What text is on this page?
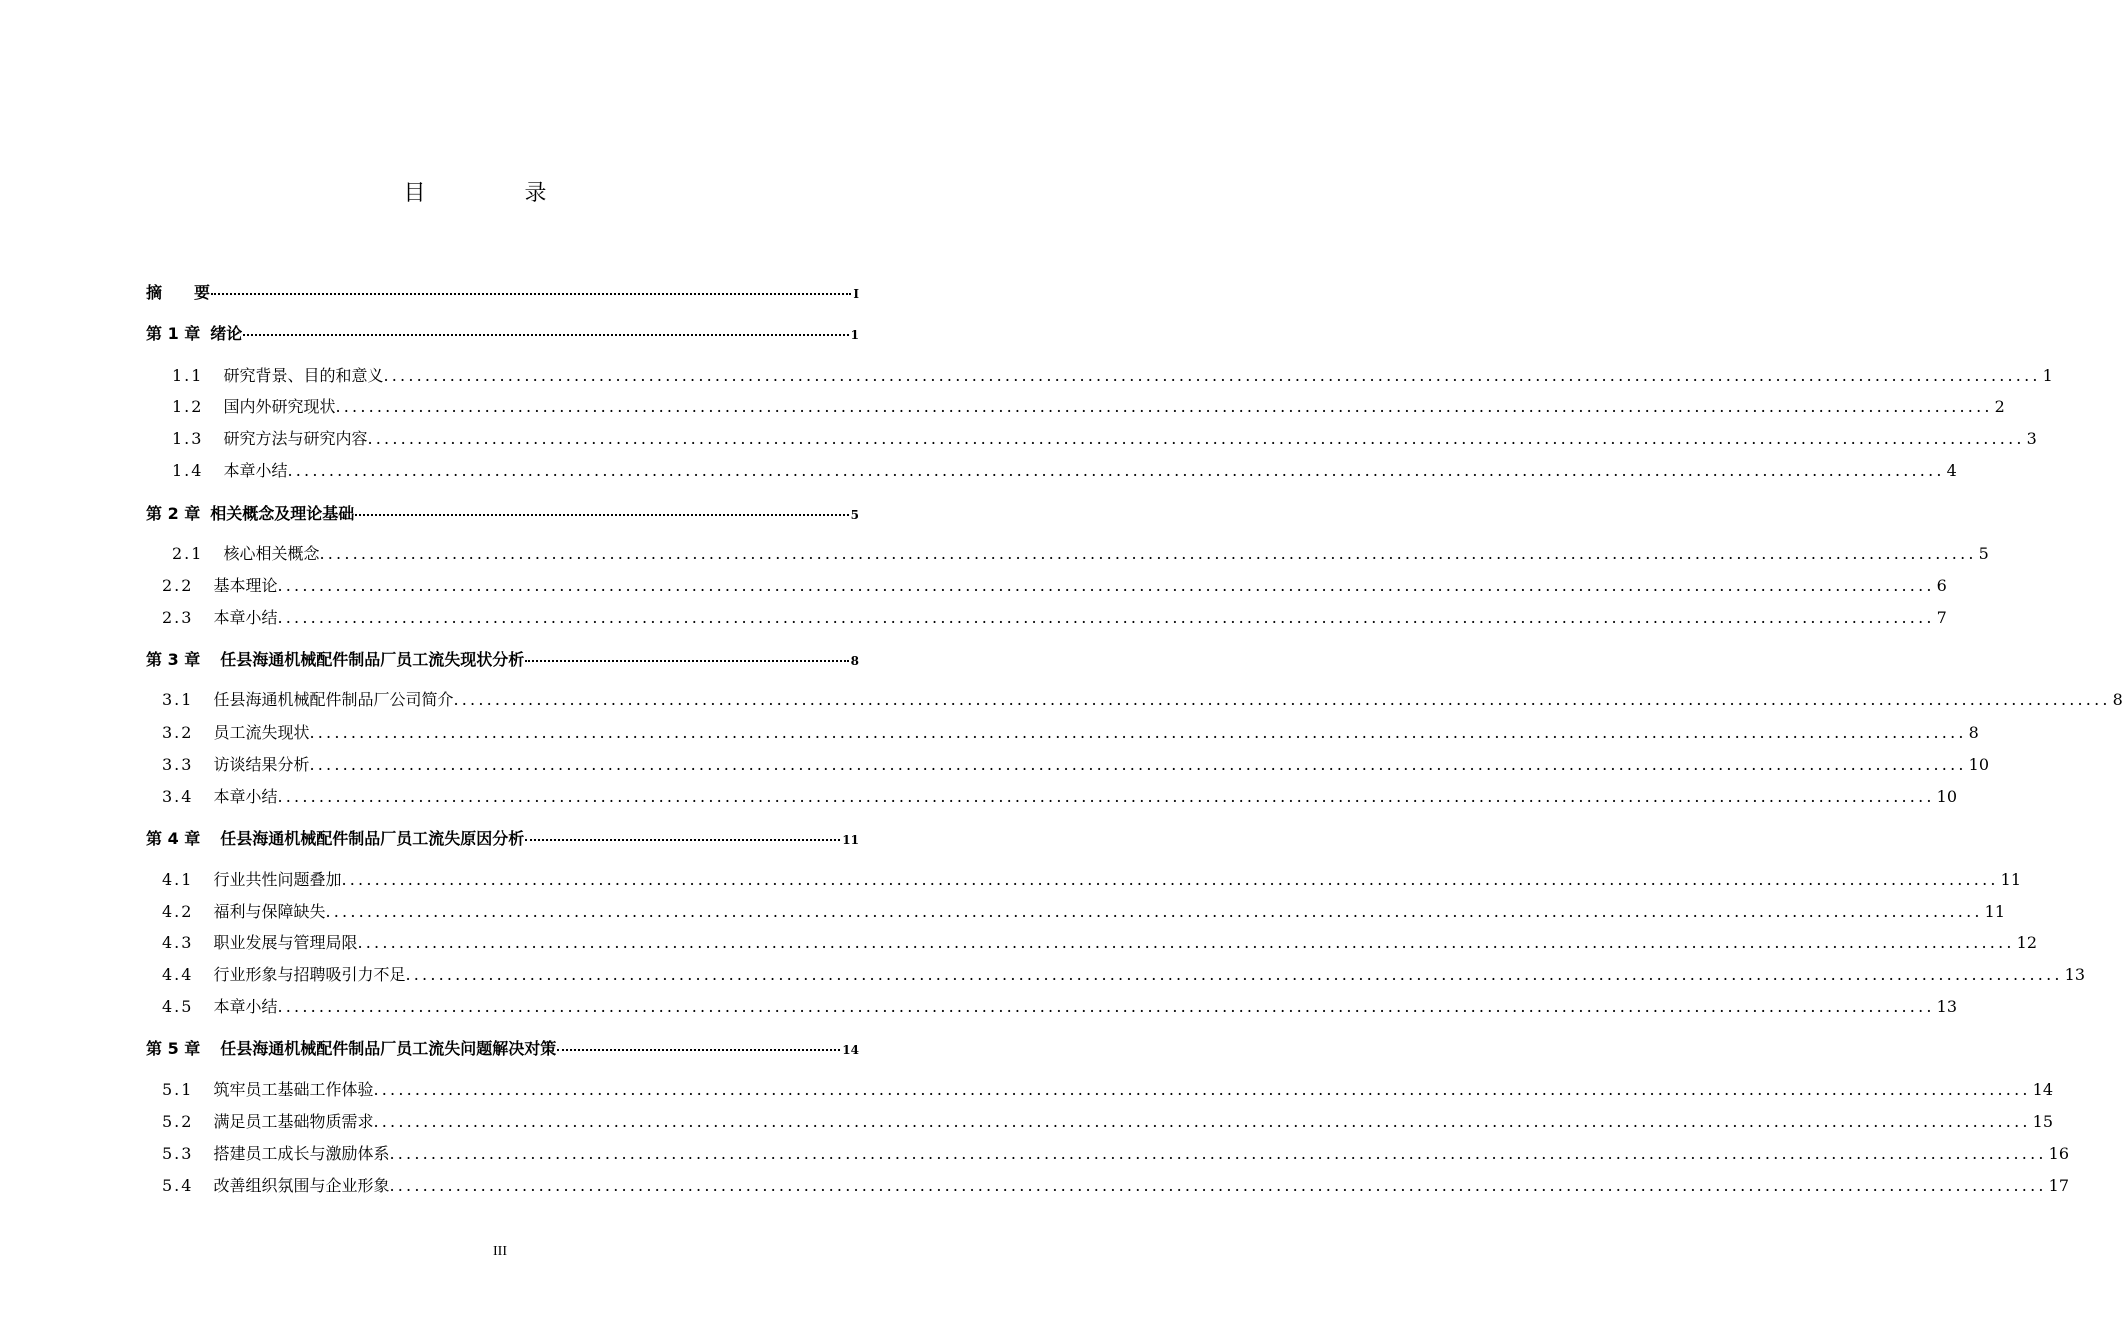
目 录
摘　　要	I
第 1 章 绪论	1
1.1 研究背景、目的和意义 ........................................................................................................................................................................................................ 1
1.2 国内外研究现状 ........................................................................................................................................................................................................ 2
1.3 研究方法与研究内容 ........................................................................................................................................................................................................ 3
1.4 本章小结 ........................................................................................................................................................................................................ 4
第 2 章 相关概念及理论基础	5
2.1 核心相关概念 ........................................................................................................................................................................................................ 5
2.2 基本理论 ........................................................................................................................................................................................................ 6
2.3 本章小结 ........................................................................................................................................................................................................ 7
第 3 章 任县海通机械配件制品厂员工流失现状分析	8
3.1 任县海通机械配件制品厂公司简介 ........................................................................................................................................................................................................ 8
3.2 员工流失现状 ........................................................................................................................................................................................................ 8
3.3 访谈结果分析 ........................................................................................................................................................................................................ 10
3.4 本章小结 ........................................................................................................................................................................................................ 10
第 4 章 任县海通机械配件制品厂员工流失原因分析	11
4.1 行业共性问题叠加 ........................................................................................................................................................................................................ 11
4.2 福利与保障缺失 ........................................................................................................................................................................................................ 11
4.3 职业发展与管理局限 ........................................................................................................................................................................................................ 12
4.4 行业形象与招聘吸引力不足 ........................................................................................................................................................................................................ 13
4.5 本章小结 ........................................................................................................................................................................................................ 13
第 5 章 任县海通机械配件制品厂员工流失问题解决对策	14
5.1 筑牢员工基础工作体验 ........................................................................................................................................................................................................ 14
5.2 满足员工基础物质需求 ........................................................................................................................................................................................................ 15
5.3 搭建员工成长与激励体系 ........................................................................................................................................................................................................ 16
5.4 改善组织氛围与企业形象 ........................................................................................................................................................................................................ 17
III
